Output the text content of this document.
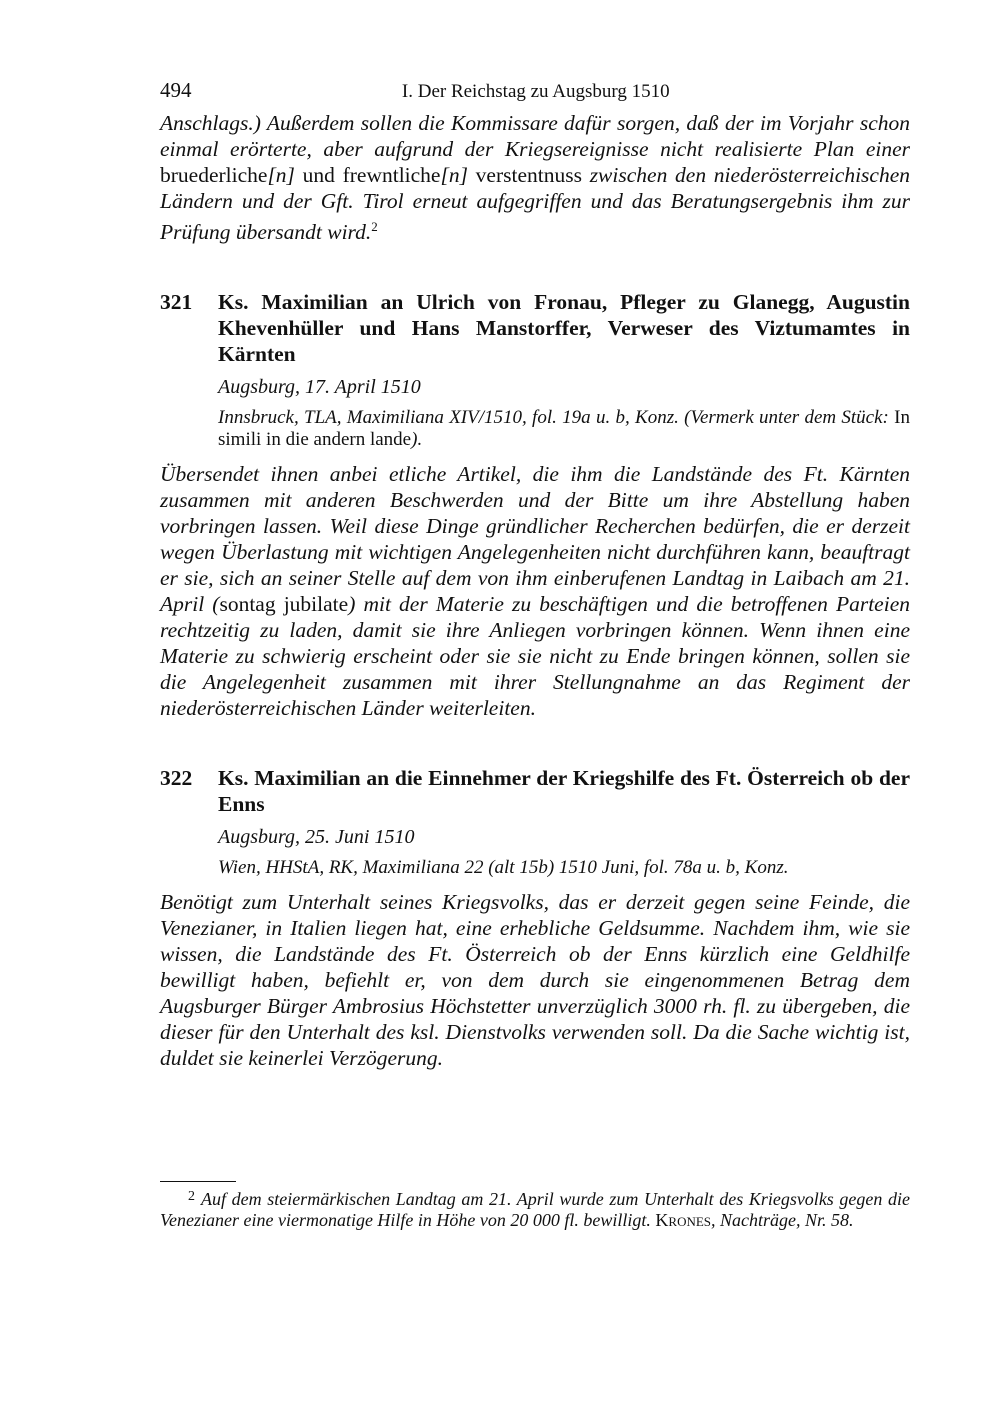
494	I. Der Reichstag zu Augsburg 1510

Anschlags.) Außerdem sollen die Kommissare dafür sorgen, daß der im Vorjahr schon einmal erörterte, aber aufgrund der Kriegsereignisse nicht realisierte Plan einer bruederliche[n] und frewntliche[n] verstentnuss zwischen den niederösterreichischen Ländern und der Gft. Tirol erneut aufgegriffen und das Beratungsergebnis ihm zur Prüfung übersandt wird.$^2$

321	Ks. Maximilian an Ulrich von Fronau, Pfleger zu Glanegg, Augustin Khevenhüller und Hans Manstorffer, Verweser des Viztumamtes in Kärnten

Augsburg, 17. April 1510
Innsbruck, TLA, Maximiliana XIV/1510, fol. 19a u. b, Konz. (Vermerk unter dem Stück: In simili in die andern lande).

Übersendet ihnen anbei etliche Artikel, die ihm die Landstände des Ft. Kärnten zusammen mit anderen Beschwerden und der Bitte um ihre Abstellung haben vorbringen lassen. Weil diese Dinge gründlicher Recherchen bedürfen, die er derzeit wegen Überlastung mit wichtigen Angelegenheiten nicht durchführen kann, beauftragt er sie, sich an seiner Stelle auf dem von ihm einberufenen Landtag in Laibach am 21. April (sontag jubilate) mit der Materie zu beschäftigen und die betroffenen Parteien rechtzeitig zu laden, damit sie ihre Anliegen vorbringen können. Wenn ihnen eine Materie zu schwierig erscheint oder sie sie nicht zu Ende bringen können, sollen sie die Angelegenheit zusammen mit ihrer Stellungnahme an das Regiment der niederösterreichischen Länder weiterleiten.

322	Ks. Maximilian an die Einnehmer der Kriegshilfe des Ft. Österreich ob der Enns

Augsburg, 25. Juni 1510
Wien, HHStA, RK, Maximiliana 22 (alt 15b) 1510 Juni, fol. 78a u. b, Konz.

Benötigt zum Unterhalt seines Kriegsvolks, das er derzeit gegen seine Feinde, die Venezianer, in Italien liegen hat, eine erhebliche Geldsumme. Nachdem ihm, wie sie wissen, die Landstände des Ft. Österreich ob der Enns kürzlich eine Geldhilfe bewilligt haben, befiehlt er, von dem durch sie eingenommenen Betrag dem Augsburger Bürger Ambrosius Höchstetter unverzüglich 3000 rh. fl. zu übergeben, die dieser für den Unterhalt des ksl. Dienstvolks verwenden soll. Da die Sache wichtig ist, duldet sie keinerlei Verzögerung.

$^2$ Auf dem steiermärkischen Landtag am 21. April wurde zum Unterhalt des Kriegsvolks gegen die Venezianer eine viermonatige Hilfe in Höhe von 20 000 fl. bewilligt. Krones, Nachträge, Nr. 58.
